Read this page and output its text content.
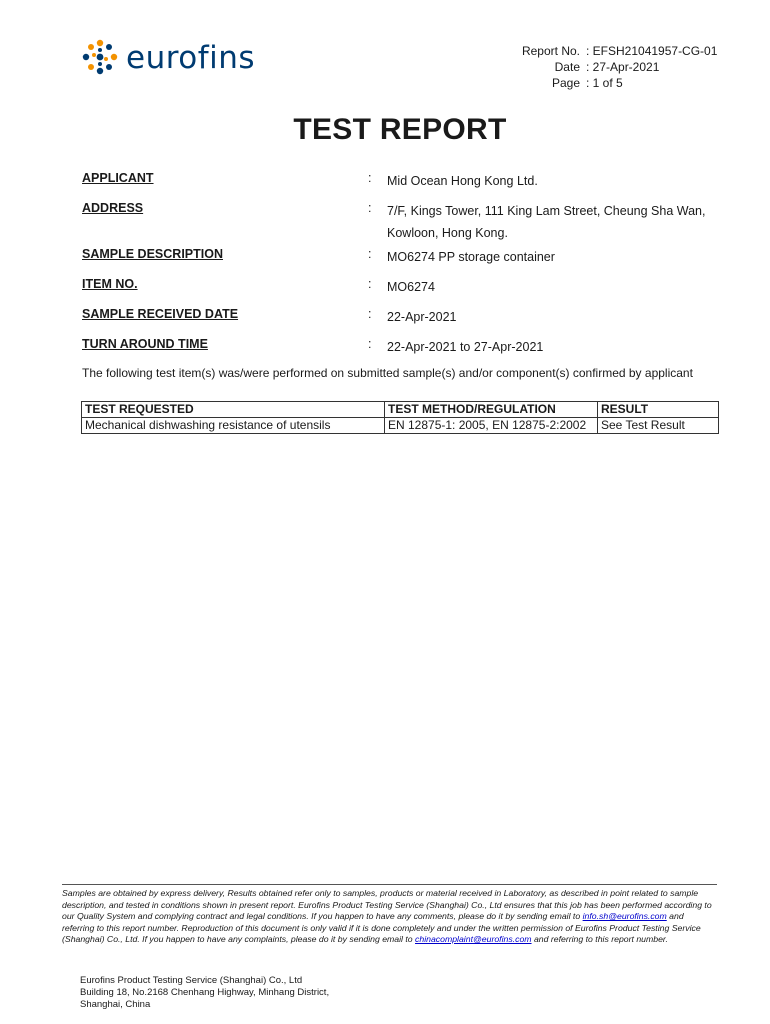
eurofins	Report No. : EFSH21041957-CG-01
Date : 27-Apr-2021
Page : 1 of 5
TEST REPORT
APPLICANT	: Mid Ocean Hong Kong Ltd.
ADDRESS	: 7/F, Kings Tower, 111 King Lam Street, Cheung Sha Wan,
Kowloon, Hong Kong.
SAMPLE DESCRIPTION	: MO6274 PP storage container
ITEM NO.	: MO6274
SAMPLE RECEIVED DATE	: 22-Apr-2021
TURN AROUND TIME	: 22-Apr-2021 to 27-Apr-2021
The following test item(s) was/were performed on submitted sample(s) and/or component(s) confirmed by applicant
TEST REQUESTED	TEST METHOD/REGULATION	RESULT
Mechanical dishwashing resistance of utensils	EN 12875-1: 2005, EN 12875-2:2002	See Test Result
Samples are obtained by express delivery, Results obtained refer only to samples, products or material received in Laboratory, as described in point related to sample description, and tested in conditions shown in present report. Eurofins Product Testing Service (Shanghai) Co., Ltd ensures that this job has been performed according to our Quality System and complying contract and legal conditions. If you happen to have any comments, please do it by sending email to info.sh@eurofins.com and referring to this report number. Reproduction of this document is only valid if it is done completely and under the written permission of Eurofins Product Testing Service (Shanghai) Co., Ltd. If you happen to have any complaints, please do it by sending email to chinacomplaint@eurofins.com and referring to this report number.
Eurofins Product Testing Service (Shanghai) Co., Ltd
Building 18, No.2168 Chenhang Highway, Minhang District,
Shanghai, China
